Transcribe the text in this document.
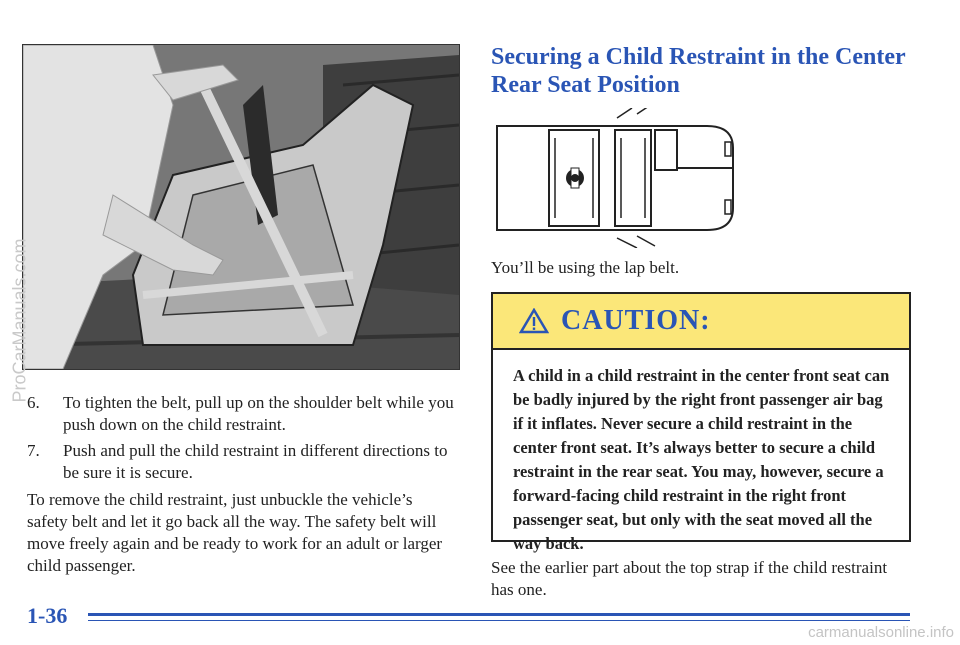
6. To tighten the belt, pull up on the shoulder belt while you push down on the child restraint.
7. Push and pull the child restraint in different directions to be sure it is secure.

To remove the child restraint, just unbuckle the vehicle’s safety belt and let it go back all the way. The safety belt will move freely again and be ready to work for an adult or larger child passenger.

Securing a Child Restraint in the Center Rear Seat Position
You’ll be using the lap belt.
CAUTION:
A child in a child restraint in the center front seat can be badly injured by the right front passenger air bag if it inflates. Never secure a child restraint in the center front seat. It’s always better to secure a child restraint in the rear seat. You may, however, secure a forward-facing child restraint in the right front passenger seat, but only with the seat moved all the way back.
See the earlier part about the top strap if the child restraint has one.
1-36
ProCarManuals.com
carmanualsonline.info
